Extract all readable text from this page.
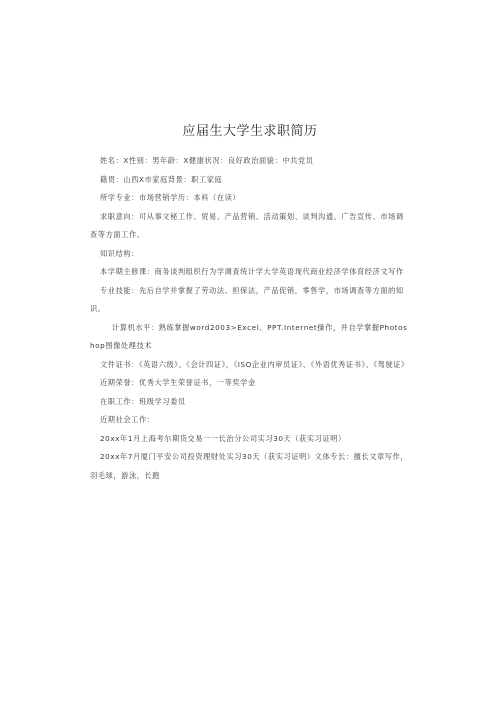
应届生大学生求职简历

姓名：X性别：男年龄：X健康状况：良好政治面貌：中共党员

籍贯：山西X市家庭背景：职工家庭

所学专业：市场营销学历：本科（在读）

求职意向：可从事文秘工作、贸易、产品营销、活动策划、谈判沟通、广告宣传、市场调查等方面工作。

知识结构：

本学期主修课：商务谈判组织行为学调查统计学大学英语现代商业经济学体育经济文写作

专业技能：先后自学并掌握了劳动法、担保法，产品促销，零售学，市场调查等方面的知识。

计算机水平：熟练掌握word2003>Excel、PPT.Internet操作，并自学掌握Photoshop图像处理技术

文件证书：《英语六级》、《会计四证》，《ISO企业内审员证》、《外语优秀证书》、《驾驶证》

近期荣誉：优秀大学生荣誉证书，一等奖学金

在职工作：班级学习委员

近期社会工作：

20xx年1月上海考尔期货交易一一长治分公司实习30天（获实习证明）

20xx年7月厦门平安公司投资理财处实习30天（获实习证明）文体专长：擅长文章写作，羽毛球，游泳，长跑
